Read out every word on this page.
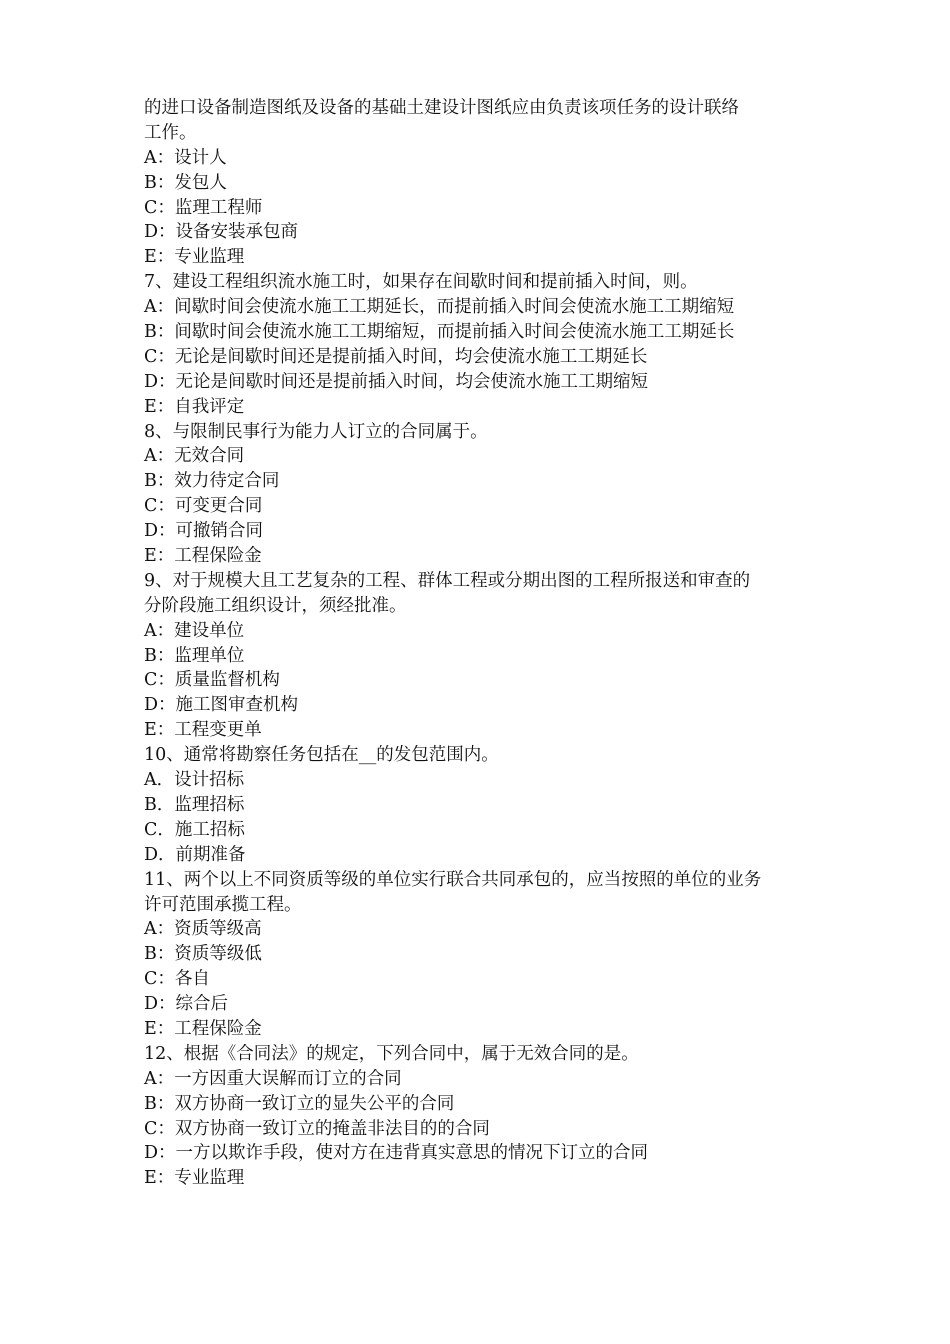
的进口设备制造图纸及设备的基础土建设计图纸应由负责该项任务的设计联络
工作。
A：设计人
B：发包人
C：监理工程师
D：设备安装承包商
E：专业监理
7、建设工程组织流水施工时，如果存在间歇时间和提前插入时间，则。
A：间歇时间会使流水施工工期延长，而提前插入时间会使流水施工工期缩短
B：间歇时间会使流水施工工期缩短，而提前插入时间会使流水施工工期延长
C：无论是间歇时间还是提前插入时间，均会使流水施工工期延长
D：无论是间歇时间还是提前插入时间，均会使流水施工工期缩短
E：自我评定
8、与限制民事行为能力人订立的合同属于。
A：无效合同
B：效力待定合同
C：可变更合同
D：可撤销合同
E：工程保险金
9、对于规模大且工艺复杂的工程、群体工程或分期出图的工程所报送和审查的
分阶段施工组织设计，须经批准。
A：建设单位
B：监理单位
C：质量监督机构
D：施工图审查机构
E：工程变更单
10、通常将勘察任务包括在__的发包范围内。
A．设计招标
B．监理招标
C．施工招标
D．前期准备
11、两个以上不同资质等级的单位实行联合共同承包的，应当按照的单位的业务
许可范围承揽工程。
A：资质等级高
B：资质等级低
C：各自
D：综合后
E：工程保险金
12、根据《合同法》的规定，下列合同中，属于无效合同的是。
A：一方因重大误解而订立的合同
B：双方协商一致订立的显失公平的合同
C：双方协商一致订立的掩盖非法目的的合同
D：一方以欺诈手段，使对方在违背真实意思的情况下订立的合同
E：专业监理
